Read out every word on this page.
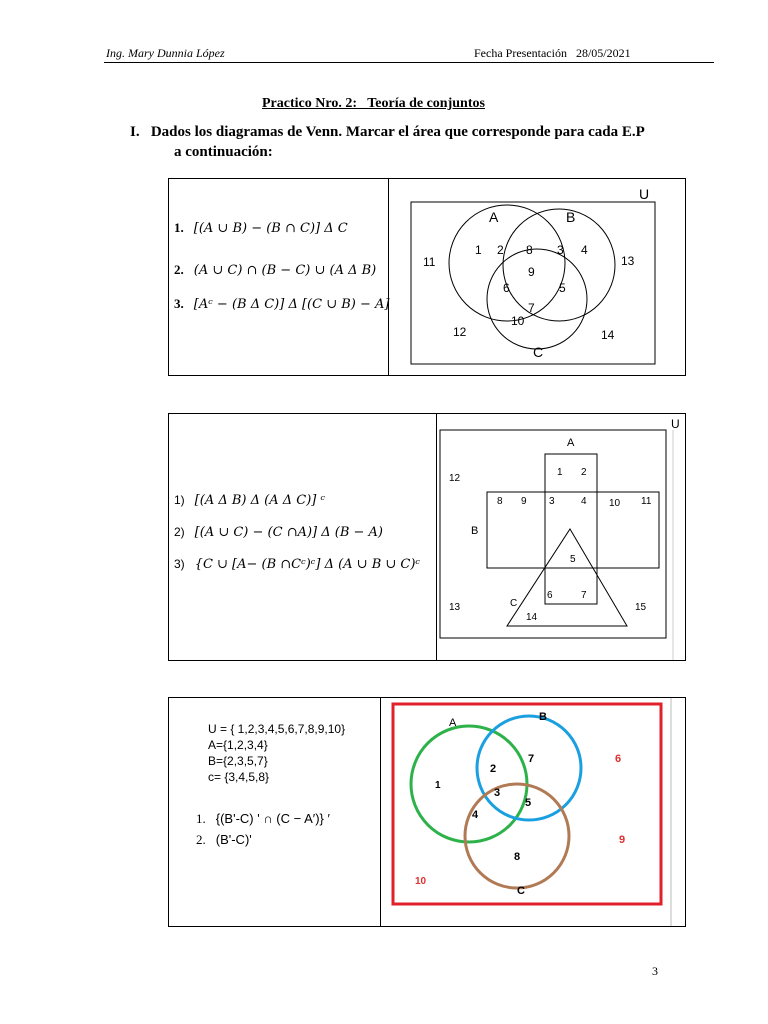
Ing. Mary Dunnia López	Fecha Presentación 28/05/2021
Practico Nro. 2:   Teoría de conjuntos
I. Dados los diagramas de Venn. Marcar el área que corresponde para cada E.P
a continuación:
1. [(A ∪ B) − (B ∩ C)] Δ C
2. (A ∪ C) ∩ (B − C) ∪ (A Δ B)
3. [Aᶜ − (B Δ C)] Δ [(C ∪ B) − A]
U
A	B
C
1 2 8 3 4
11	13
9
6	5
7
10
12	14
1) [(A Δ B) Δ (A Δ C)] ᶜ
2) [(A ∪ C) − (C ∩A)] Δ (B − A)
3) {C ∪ [A− (B ∩Cᶜ)ᶜ] Δ (A ∪ B ∪ C)ᶜ
U
A
B
C
1 2
12
8 9 3	4 10 11
5
6	7
13
14
15
U = { 1,2,3,4,5,6,7,8,9,10}
A={1,2,3,4}
B={2,3,5,7}
c= {3,4,5,8}
1. {(B'-C) ' ∩ (C − A′)} ′
2. (B'-C)'
A	B
C
1
2
7	6
3
4
5
8
9
10
3
